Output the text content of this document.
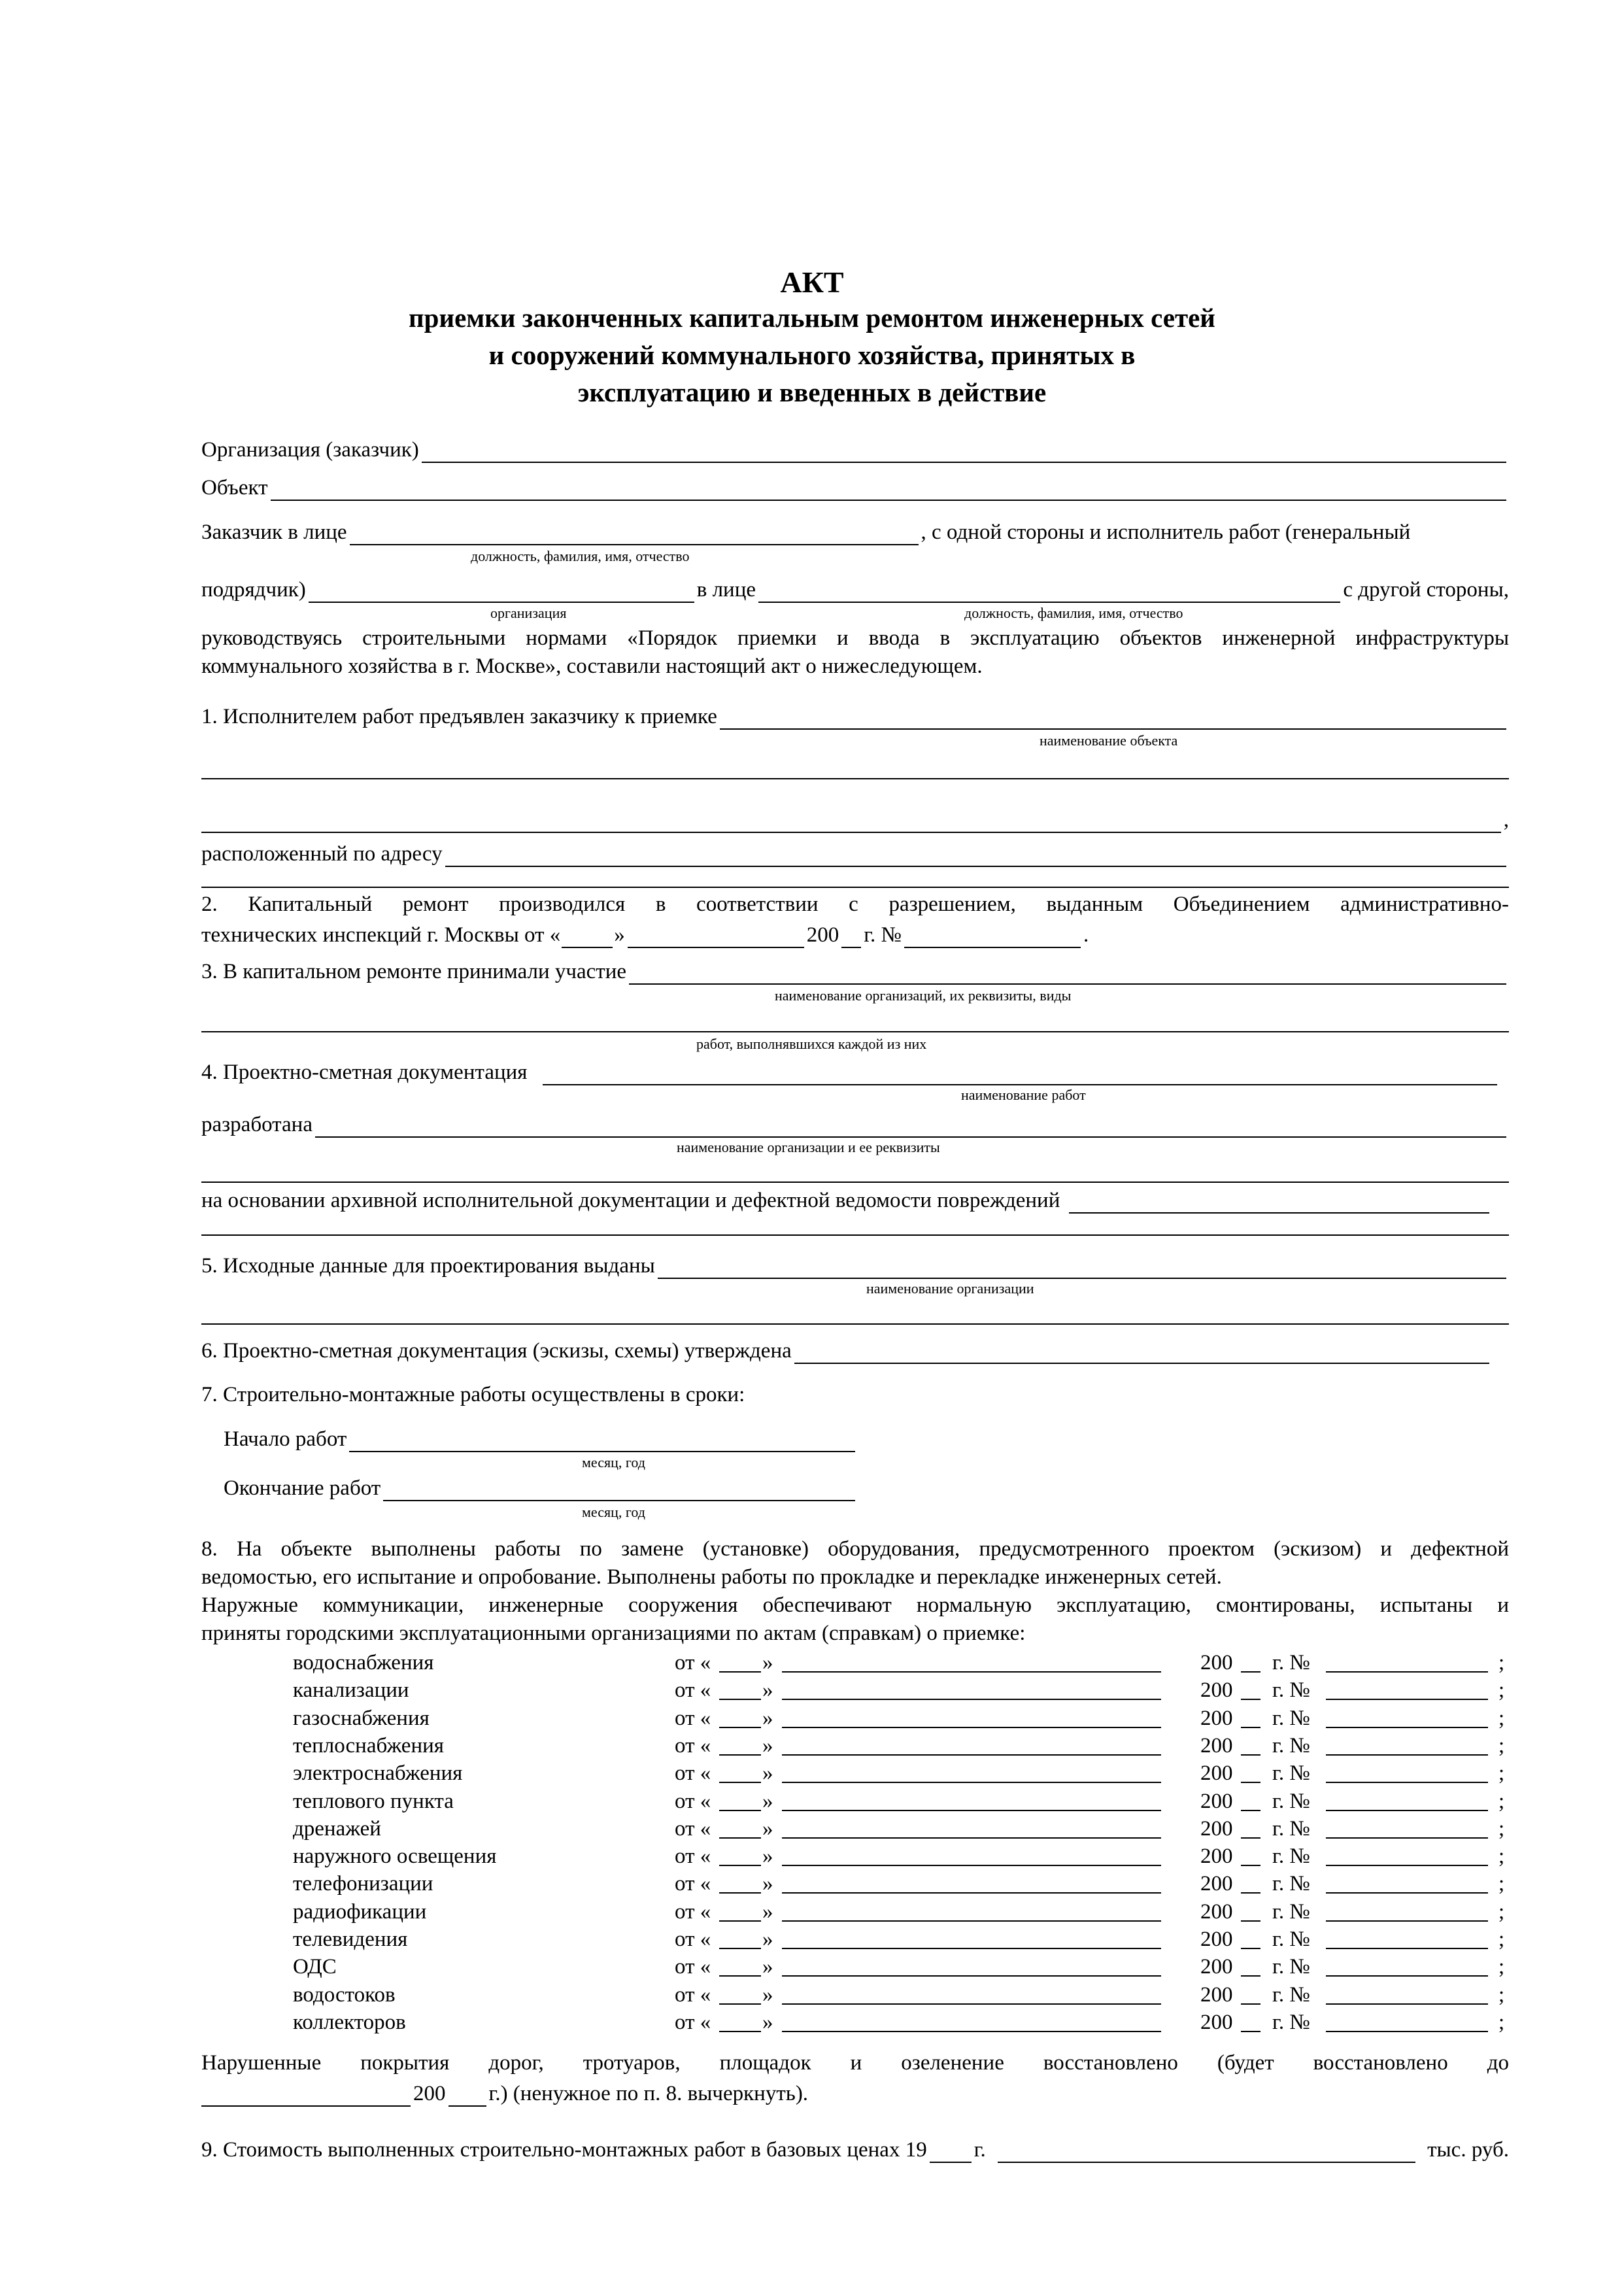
АКТ
приемки законченных капитальным ремонтом инженерных сетей
и сооружений коммунального хозяйства, принятых в
эксплуатацию и введенных в действие
Организация (заказчик)
Объект
Заказчик в лице	, с одной стороны и исполнитель работ (генеральный
должность, фамилия, имя, отчество
подрядчик)	в лице	с другой стороны,
организация	должность, фамилия, имя, отчество
руководствуясь строительными нормами «Порядок приемки и ввода в эксплуатацию объектов инженерной инфраструктуры
коммунального хозяйства в г. Москве», составили настоящий акт о нижеследующем.
1. Исполнителем работ предъявлен заказчику к приемке
наименование объекта
,
расположенный по адресу
2. Капитальный ремонт производился в соответствии с разрешением, выданным Объединением административно-
технических инспекций г. Москвы от « »	200 г. №	.
3. В капитальном ремонте принимали участие
наименование организаций, их реквизиты, виды
работ, выполнявшихся каждой из них
4. Проектно-сметная документация
наименование работ
разработана
наименование организации и ее реквизиты
на основании архивной исполнительной документации и дефектной ведомости повреждений
5. Исходные данные для проектирования выданы
наименование организации
6. Проектно-сметная документация (эскизы, схемы) утверждена
7. Строительно-монтажные работы осуществлены в сроки:
Начало работ
месяц, год
Окончание работ
месяц, год
8. На объекте выполнены работы по замене (установке) оборудования, предусмотренного проектом (эскизом) и дефектной
ведомостью, его испытание и опробование. Выполнены работы по прокладке и перекладке инженерных сетей.
Наружные коммуникации, инженерные сооружения обеспечивают нормальную эксплуатацию, смонтированы, испытаны и
приняты городскими эксплуатационными организациями по актам (справкам) о приемке:
водоснабжения	от « »	200 г. №	;
канализации	от « »	200 г. №	;
газоснабжения	от « »	200 г. №	;
теплоснабжения	от « »	200 г. №	;
электроснабжения	от « »	200 г. №	;
теплового пункта	от « »	200 г. №	;
дренажей	от « »	200 г. №	;
наружного освещения	от « »	200 г. №	;
телефонизации	от « »	200 г. №	;
радиофикации	от « »	200 г. №	;
телевидения	от « »	200 г. №	;
ОДС	от « »	200 г. №	;
водостоков	от « »	200 г. №	;
коллекторов	от « »	200 г. №	;
Нарушенные покрытия дорог, тротуаров, площадок и озеленение восстановлено (будет восстановлено до
200 г.) (ненужное по п. 8. вычеркнуть).
9. Стоимость выполненных строительно-монтажных работ в базовых ценах 19 г.	тыс. руб.
